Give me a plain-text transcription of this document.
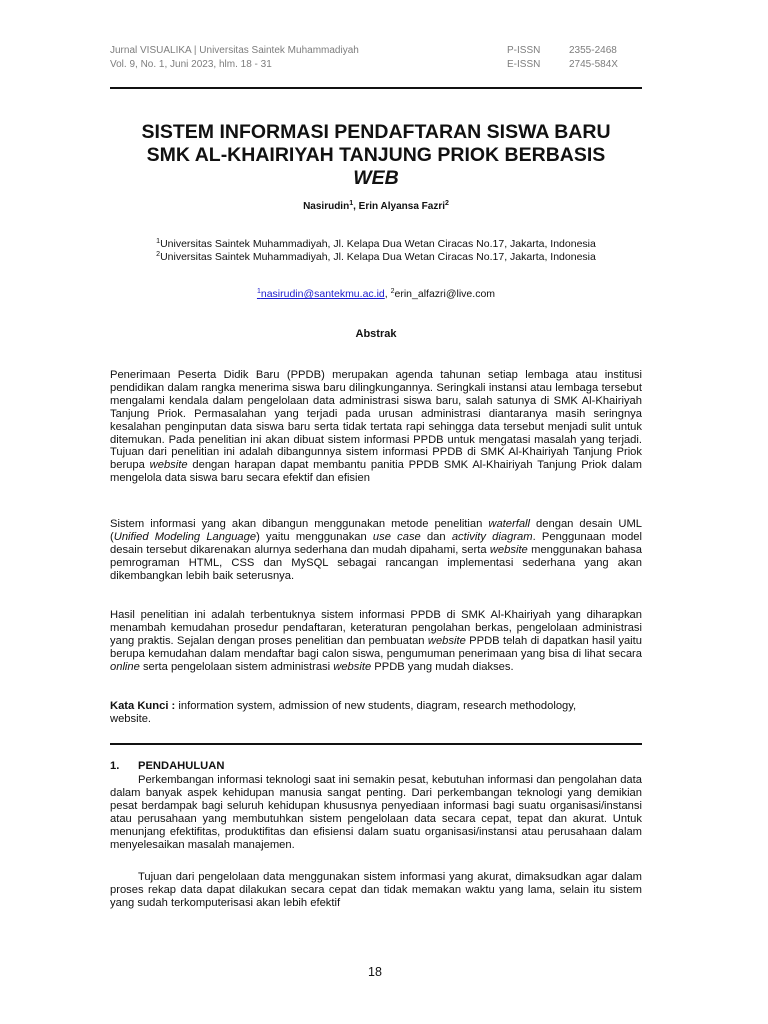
Jurnal VISUALIKA | Universitas Saintek Muhammadiyah
Vol. 9, No. 1, Juni 2023, hlm. 18 - 31
P-ISSN	2355-2468
E-ISSN	2745-584X
SISTEM INFORMASI PENDAFTARAN SISWA BARU
SMK AL-KHAIRIYAH TANJUNG PRIOK BERBASIS
WEB
Nasirudin$^1$, Erin Alyansa Fazri$^2$
$^1$Universitas Saintek Muhammadiyah, Jl. Kelapa Dua Wetan Ciracas No.17, Jakarta, Indonesia
$^2$Universitas Saintek Muhammadiyah, Jl. Kelapa Dua Wetan Ciracas No.17, Jakarta, Indonesia
$^1$nasirudin@santekmu.ac.id, $^2$erin_alfazri@live.com
Abstrak

Penerimaan Peserta Didik Baru (PPDB) merupakan agenda tahunan setiap lembaga atau institusi pendidikan dalam rangka menerima siswa baru dilingkungannya. Seringkali instansi atau lembaga tersebut mengalami kendala dalam pengelolaan data administrasi siswa baru, salah satunya di SMK Al-Khairiyah Tanjung Priok. Permasalahan yang terjadi pada urusan administrasi diantaranya masih seringnya kesalahan penginputan data siswa baru serta tidak tertata rapi sehingga data tersebut menjadi sulit untuk ditemukan. Pada penelitian ini akan dibuat sistem informasi PPDB untuk mengatasi masalah yang terjadi. Tujuan dari penelitian ini adalah dibangunnya sistem informasi PPDB di SMK Al-Khairiyah Tanjung Priok berupa website dengan harapan dapat membantu panitia PPDB SMK Al-Khairiyah Tanjung Priok dalam mengelola data siswa baru secara efektif dan efisien

Sistem informasi yang akan dibangun menggunakan metode penelitian waterfall dengan desain UML (Unified Modeling Language) yaitu menggunakan use case dan activity diagram. Penggunaan model desain tersebut dikarenakan alurnya sederhana dan mudah dipahami, serta website menggunakan bahasa pemrograman HTML, CSS dan MySQL sebagai rancangan implementasi sederhana yang akan dikembangkan lebih baik seterusnya.

Hasil penelitian ini adalah terbentuknya sistem informasi PPDB di SMK Al-Khairiyah yang diharapkan menambah kemudahan prosedur pendaftaran, keteraturan pengolahan berkas, pengelolaan administrasi yang praktis. Sejalan dengan proses penelitian dan pembuatan website PPDB telah di dapatkan hasil yaitu berupa kemudahan dalam mendaftar bagi calon siswa, pengumuman penerimaan yang bisa di lihat secara online serta pengelolaan sistem administrasi website PPDB yang mudah diakses.

Kata Kunci : information system, admission of new students, diagram, research methodology, website.

1. PENDAHULUAN

Perkembangan informasi teknologi saat ini semakin pesat, kebutuhan informasi dan pengolahan data dalam banyak aspek kehidupan manusia sangat penting. Dari perkembangan teknologi yang demikian pesat berdampak bagi seluruh kehidupan khususnya penyediaan informasi bagi suatu organisasi/instansi atau perusahaan yang membutuhkan sistem pengelolaan data secara cepat, tepat dan akurat. Untuk menunjang efektifitas, produktifitas dan efisiensi dalam suatu organisasi/instansi atau perusahaan dalam menyelesaikan masalah manajemen.

Tujuan dari pengelolaan data menggunakan sistem informasi yang akurat, dimaksudkan agar dalam proses rekap data dapat dilakukan secara cepat dan tidak memakan waktu yang lama, selain itu sistem yang sudah terkomputerisasi akan lebih efektif

18
